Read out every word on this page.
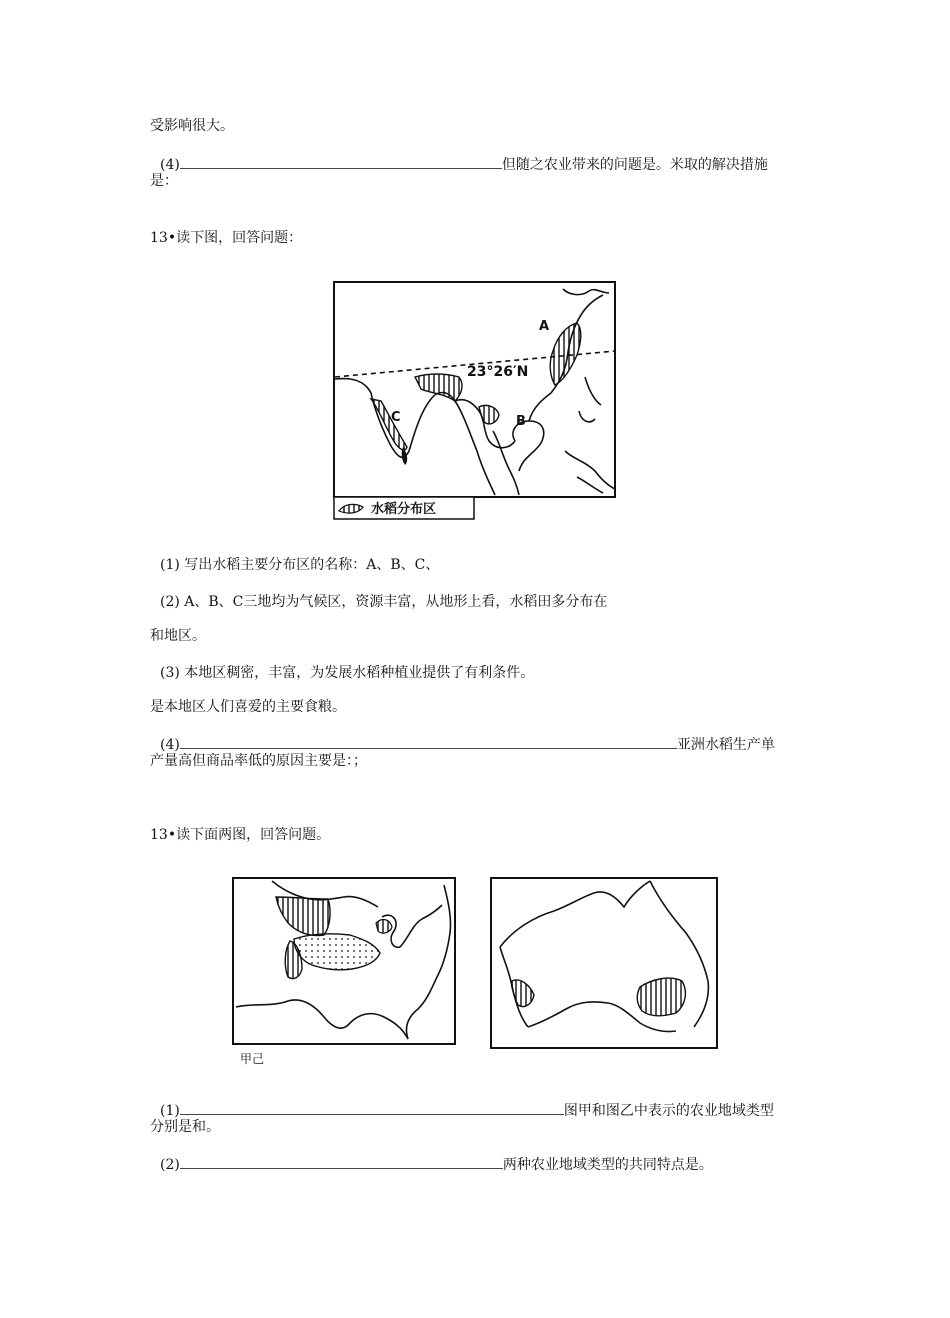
受影响很大。
(4)	但随之农业带来的问题是。米取的解决措施
是：
13•读下图，回答问题：
23°26′N
A
B
C
水稻分布区
(1) 写出水稻主要分布区的名称：A、B、C、
(2) A、B、C三地均为气候区，资源丰富，从地形上看，水稻田多分布在
和地区。
(3) 本地区稠密，丰富，为发展水稻种植业提供了有利条件。
是本地区人们喜爱的主要食粮。
(4)	亚洲水稻生产单
产量高但商品率低的原因主要是：；
13•读下面两图，回答问题。
甲己
(1)	图甲和图乙中表示的农业地域类型
分别是和。
(2)	两种农业地域类型的共同特点是。
